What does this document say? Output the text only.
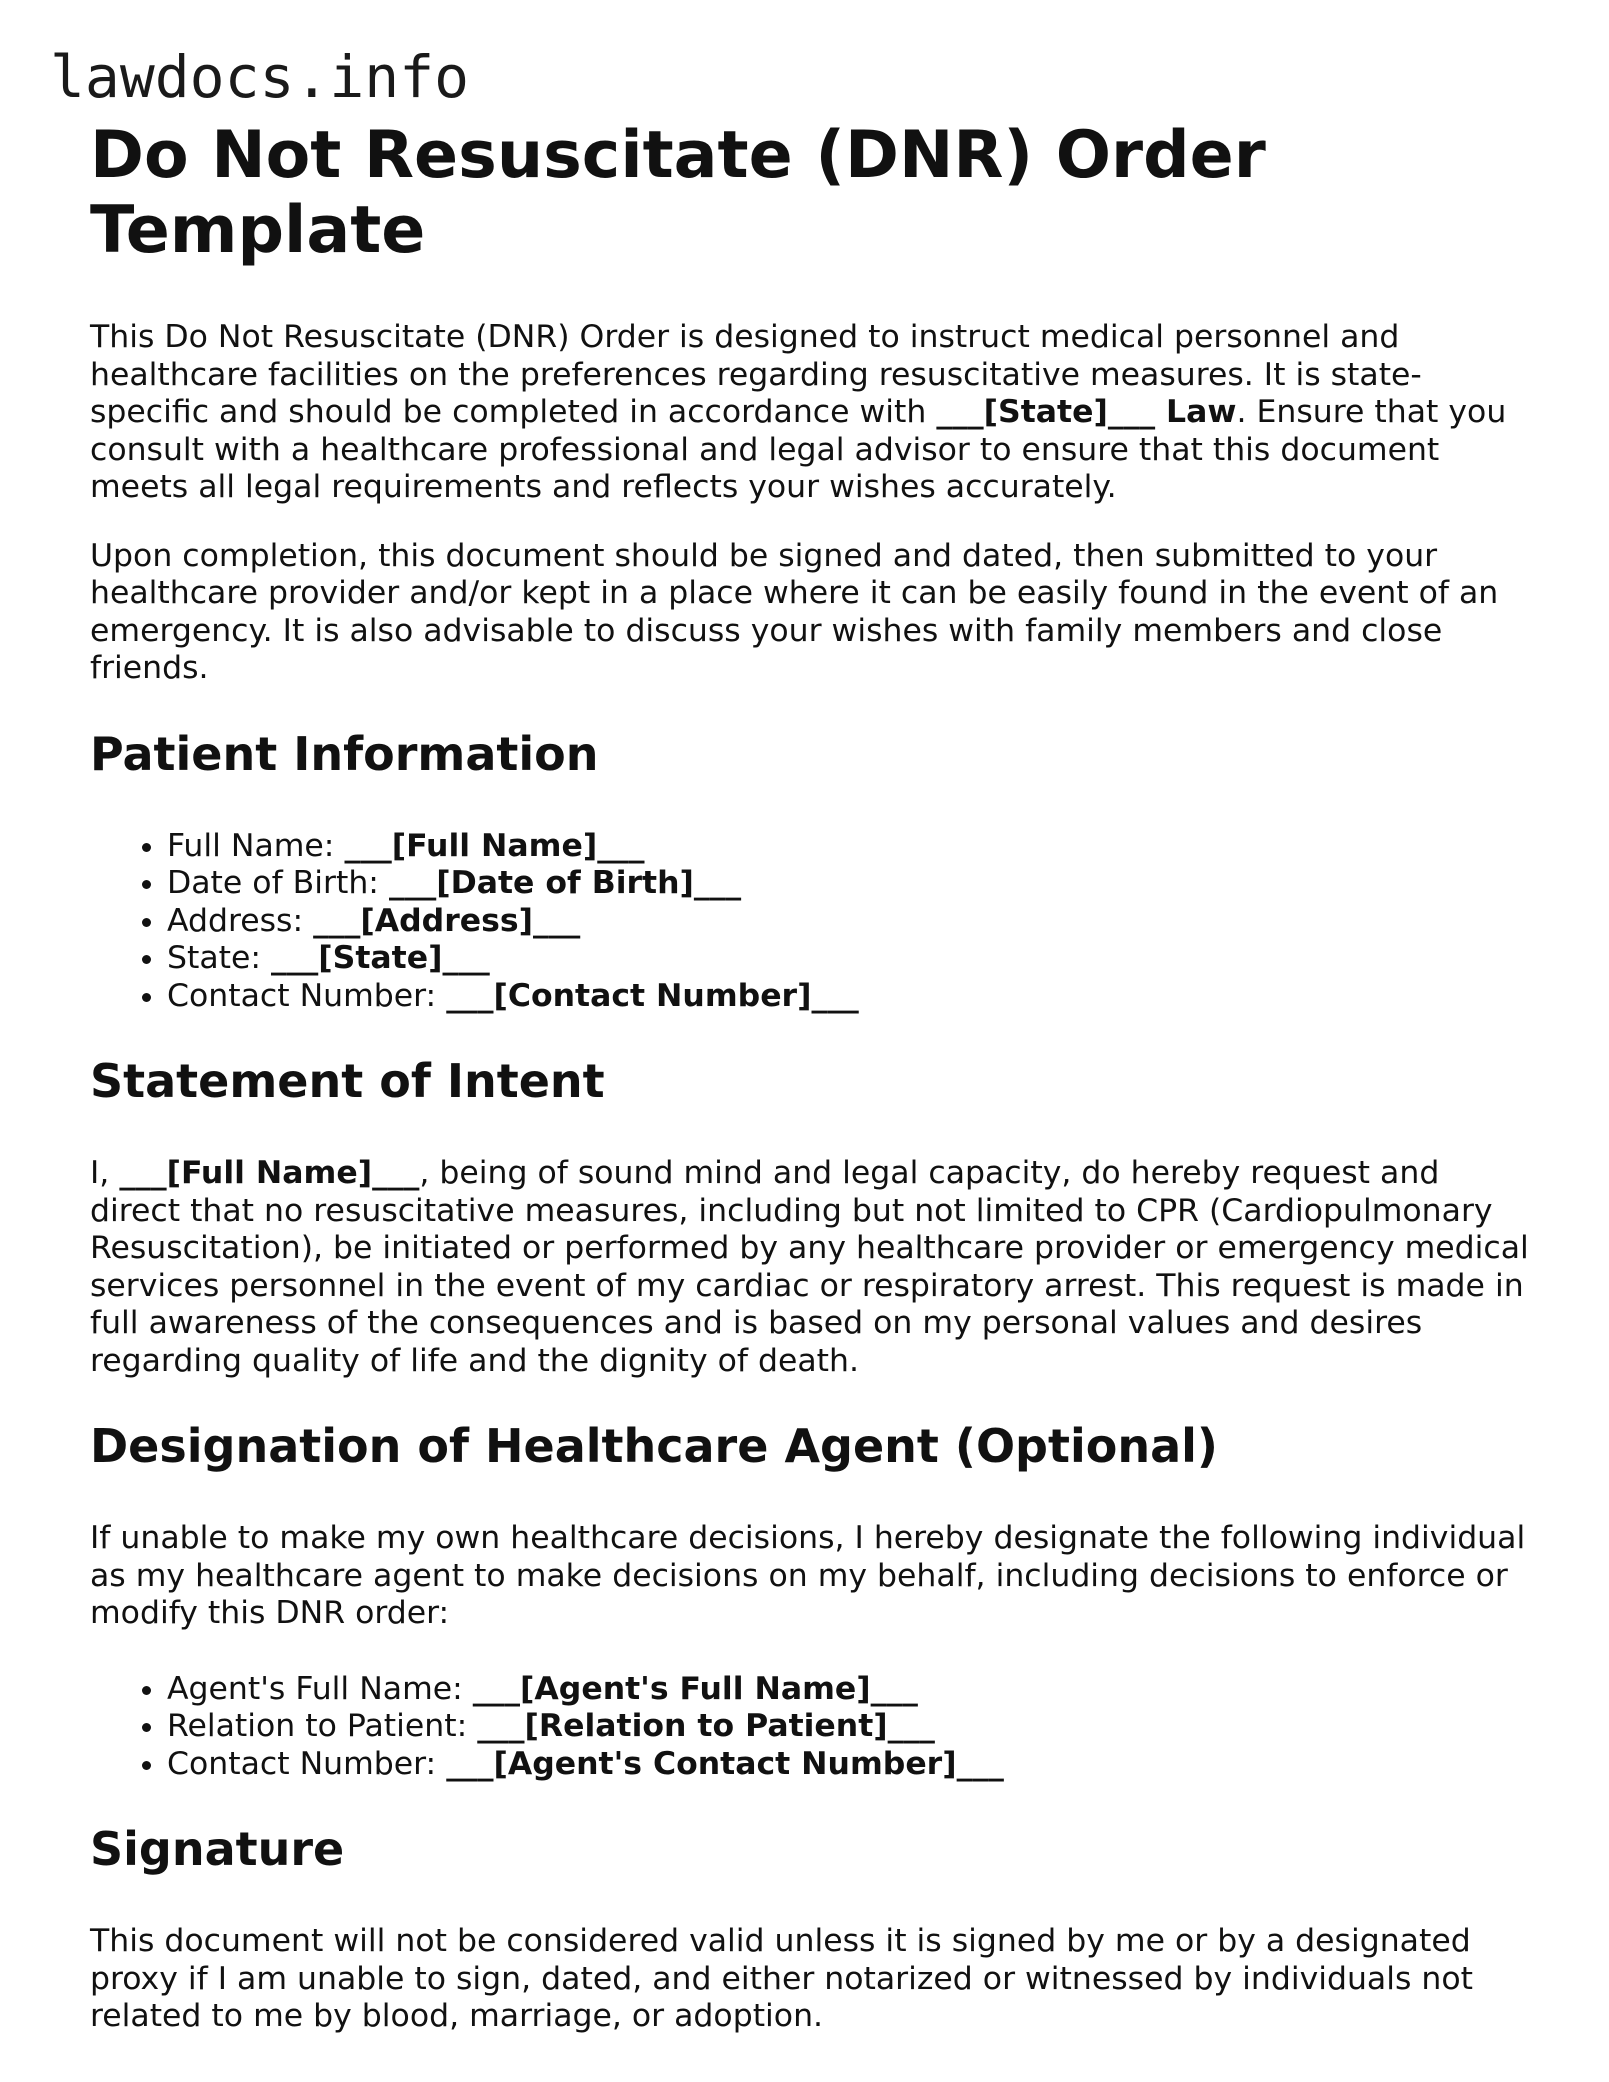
lawdocs.info
Do Not Resuscitate (DNR) Order Template

This Do Not Resuscitate (DNR) Order is designed to instruct medical personnel and healthcare facilities on the preferences regarding resuscitative measures. It is state-specific and should be completed in accordance with ___[State]___ Law. Ensure that you consult with a healthcare professional and legal advisor to ensure that this document meets all legal requirements and reflects your wishes accurately.

Upon completion, this document should be signed and dated, then submitted to your healthcare provider and/or kept in a place where it can be easily found in the event of an emergency. It is also advisable to discuss your wishes with family members and close friends.

Patient Information
• Full Name: ___[Full Name]___
• Date of Birth: ___[Date of Birth]___
• Address: ___[Address]___
• State: ___[State]___
• Contact Number: ___[Contact Number]___
Statement of Intent

I, ___[Full Name]___, being of sound mind and legal capacity, do hereby request and direct that no resuscitative measures, including but not limited to CPR (Cardiopulmonary Resuscitation), be initiated or performed by any healthcare provider or emergency medical services personnel in the event of my cardiac or respiratory arrest. This request is made in full awareness of the consequences and is based on my personal values and desires regarding quality of life and the dignity of death.

Designation of Healthcare Agent (Optional)

If unable to make my own healthcare decisions, I hereby designate the following individual as my healthcare agent to make decisions on my behalf, including decisions to enforce or modify this DNR order:

• Agent's Full Name: ___[Agent's Full Name]___
• Relation to Patient: ___[Relation to Patient]___
• Contact Number: ___[Agent's Contact Number]___
Signature

This document will not be considered valid unless it is signed by me or by a designated proxy if I am unable to sign, dated, and either notarized or witnessed by individuals not related to me by blood, marriage, or adoption.
